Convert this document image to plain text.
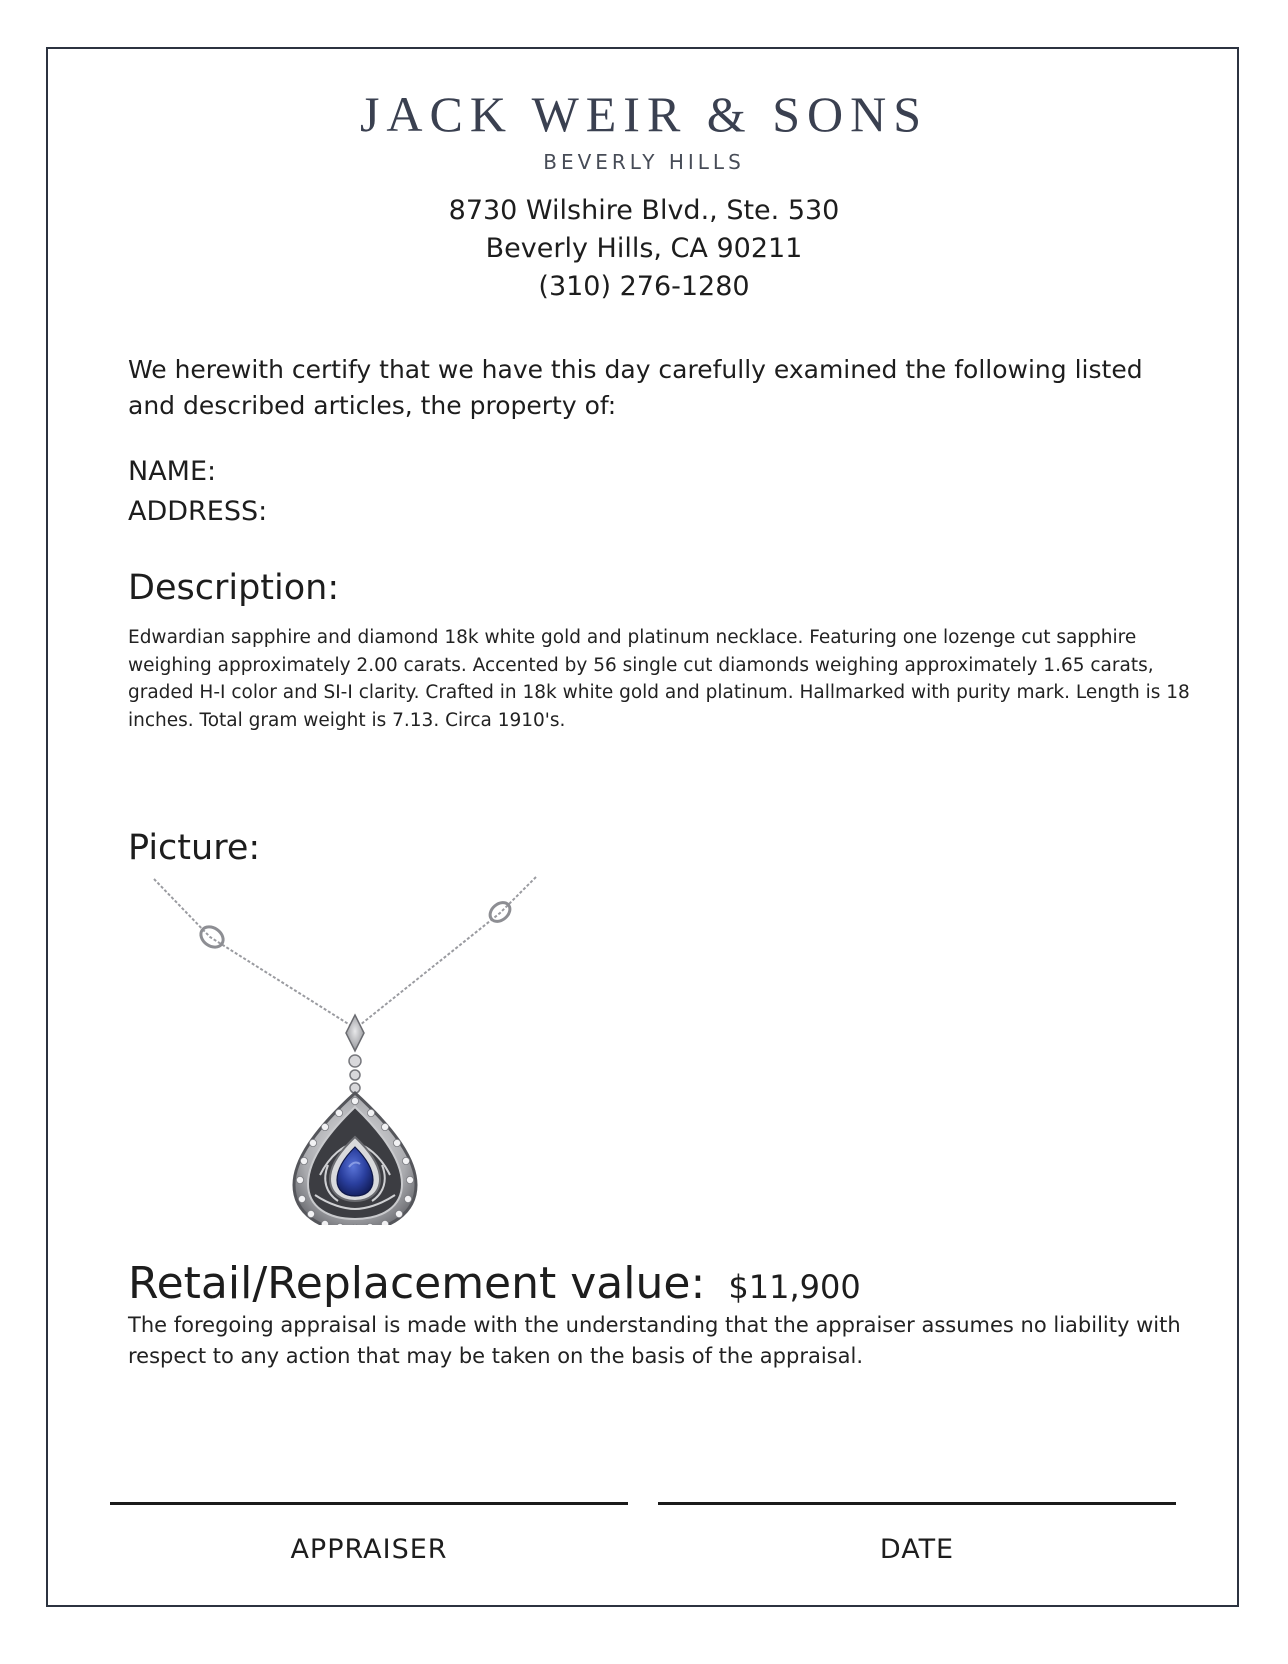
JACK WEIR & SONS
BEVERLY HILLS
8730 Wilshire Blvd., Ste. 530
Beverly Hills, CA 90211
(310) 276-1280
We herewith certify that we have this day carefully examined the following listed and described articles, the property of:
NAME:
ADDRESS:
Description:
Edwardian sapphire and diamond 18k white gold and platinum necklace. Featuring one lozenge cut sapphire weighing approximately 2.00 carats. Accented by 56 single cut diamonds weighing approximately 1.65 carats, graded H-I color and SI-I clarity. Crafted in 18k white gold and platinum. Hallmarked with purity mark. Length is 18 inches. Total gram weight is 7.13. Circa 1910's.
Picture:
Retail/Replacement value: $11,900
The foregoing appraisal is made with the understanding that the appraiser assumes no liability with respect to any action that may be taken on the basis of the appraisal.
APPRAISER	DATE
